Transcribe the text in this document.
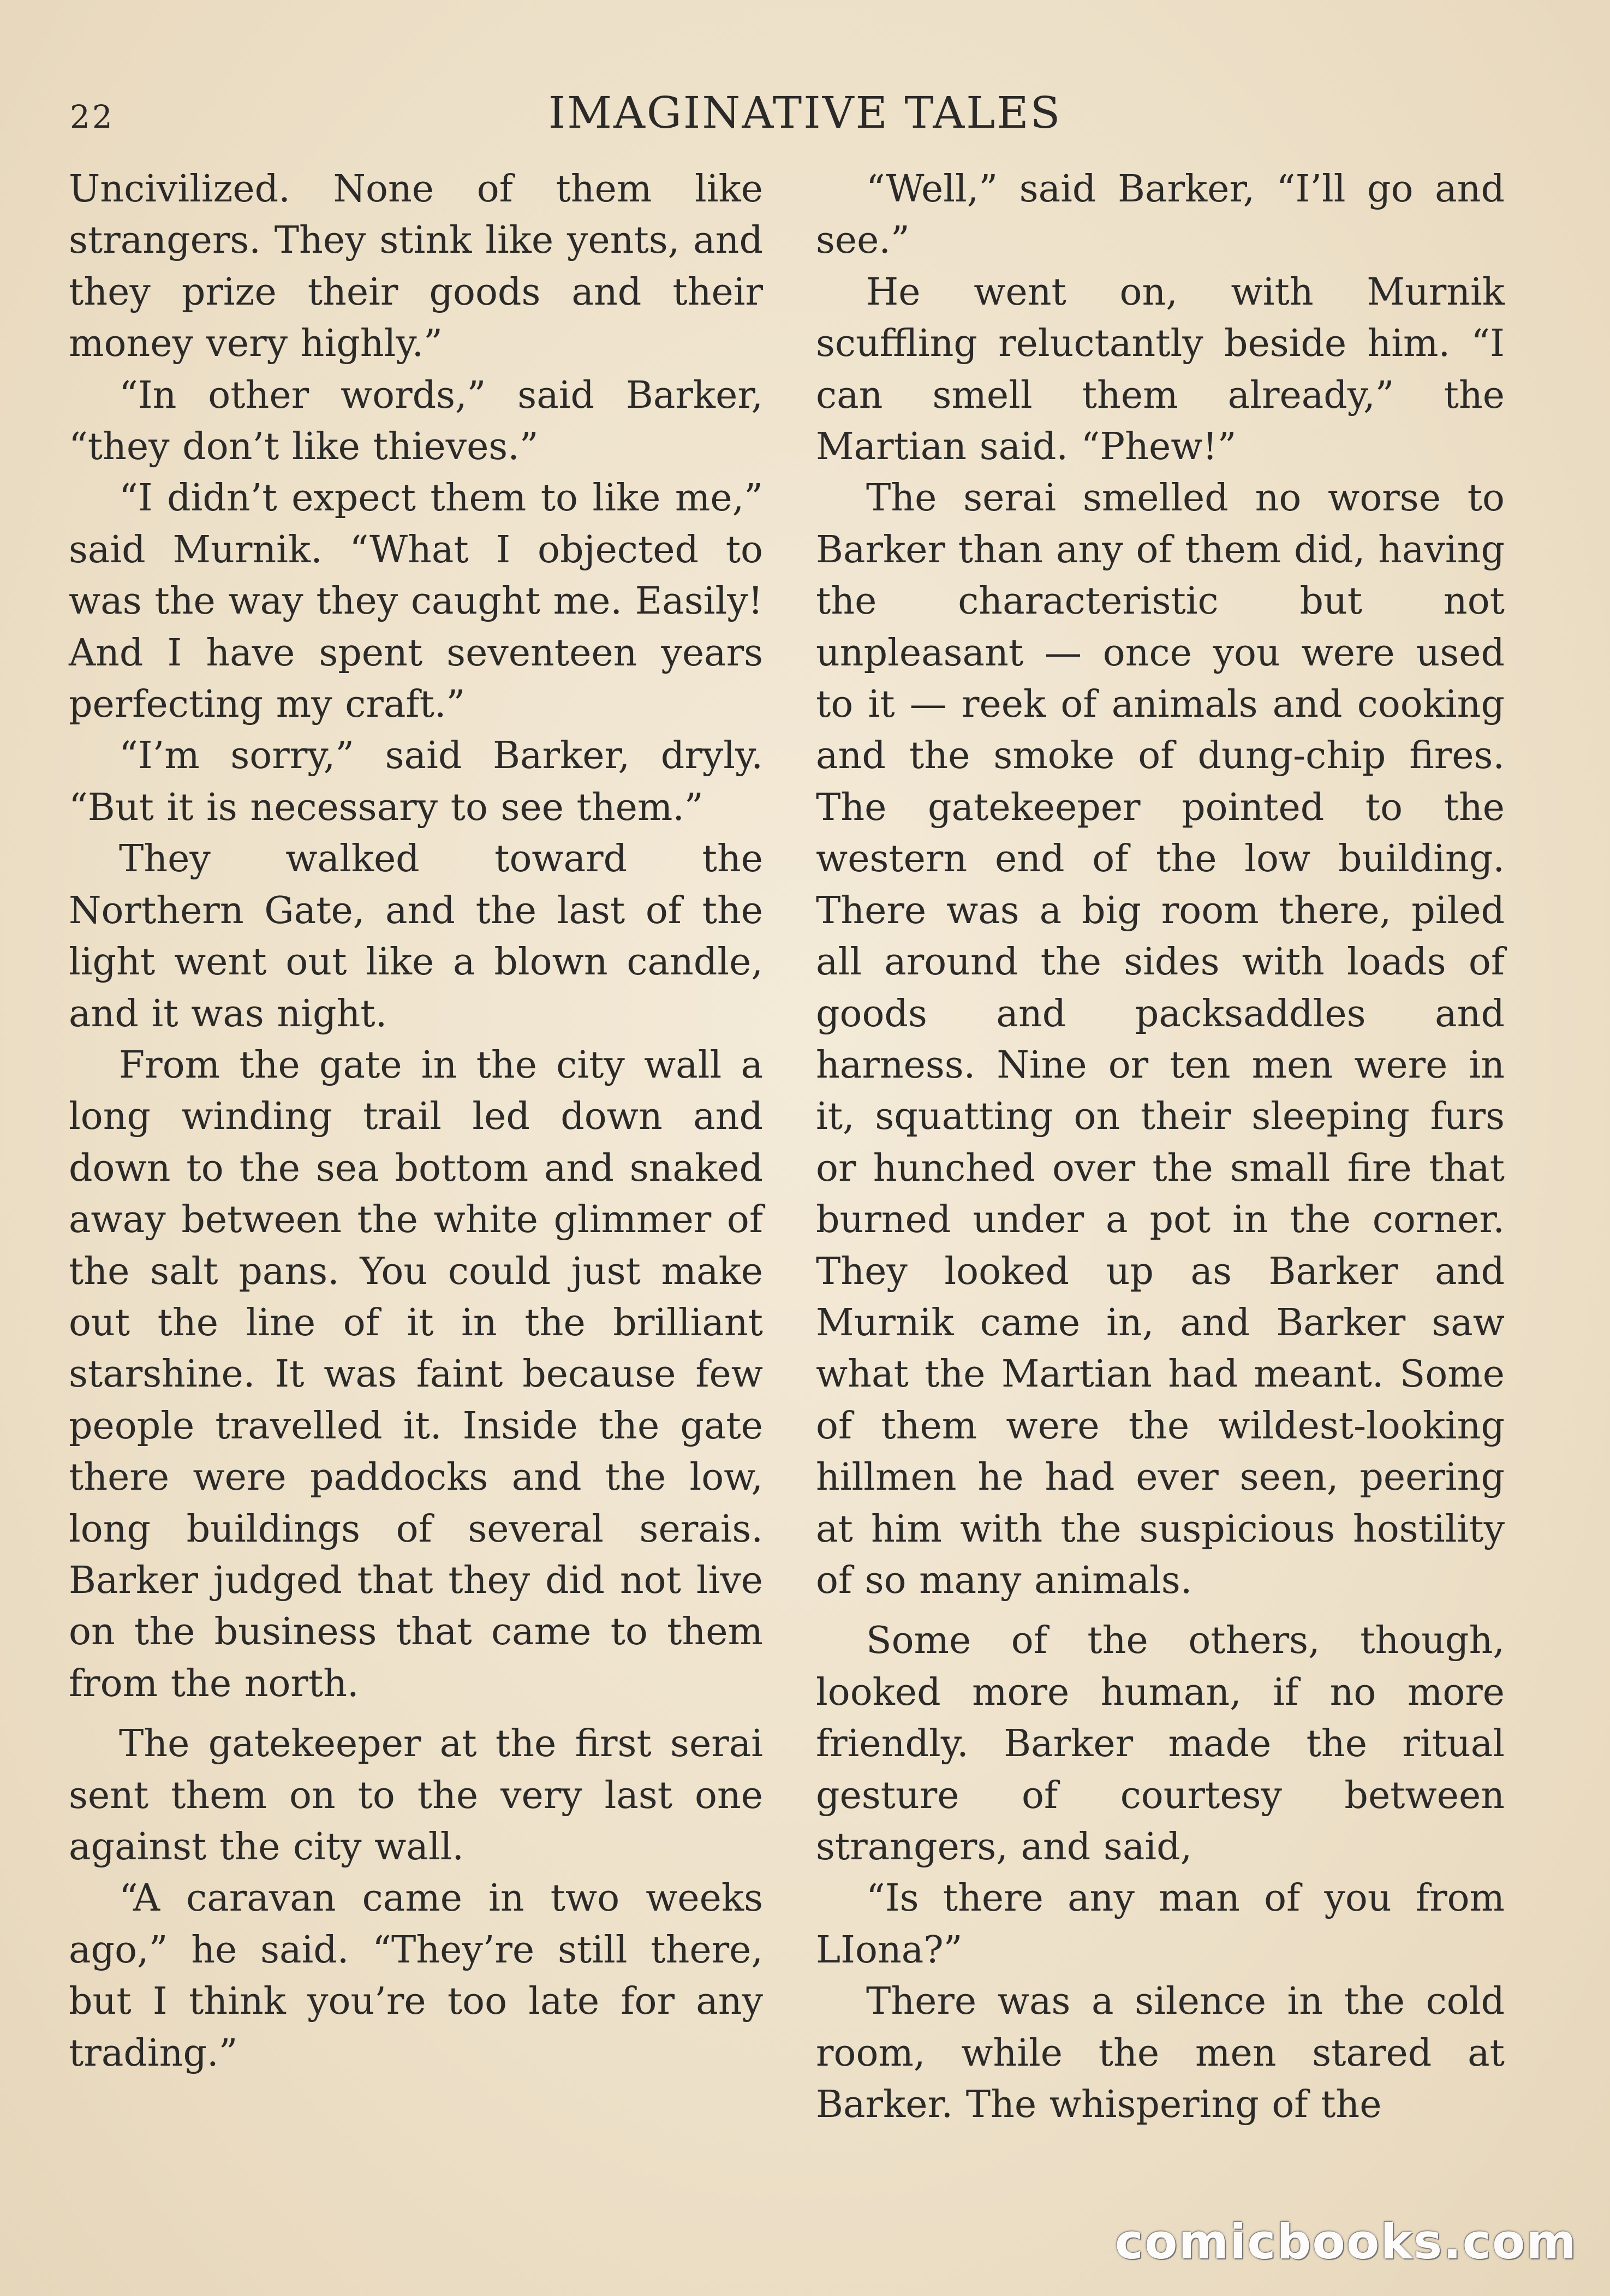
22	IMAGINATIVE TALES

Uncivilized. None of them like strangers. They stink like yents, and they prize their goods and their money very highly.”

“In other words,” said Barker, “they don’t like thieves.”

“I didn’t expect them to like me,” said Murnik. “What I objected to was the way they caught me. Easily! And I have spent seventeen years perfecting my craft.”

“I’m sorry,” said Barker, dryly. “But it is necessary to see them.”

They walked toward the Northern Gate, and the last of the light went out like a blown candle, and it was night.

From the gate in the city wall a long winding trail led down and down to the sea bottom and snaked away between the white glimmer of the salt pans. You could just make out the line of it in the brilliant starshine. It was faint because few people travelled it. Inside the gate there were paddocks and the low, long buildings of several serais. Barker judged that they did not live on the business that came to them from the north.

The gatekeeper at the first serai sent them on to the very last one against the city wall.

“A caravan came in two weeks ago,” he said. “They’re still there, but I think you’re too late for any trading.”

“Well,” said Barker, “I’ll go and see.”

He went on, with Murnik scuffling reluctantly beside him. “I can smell them already,” the Martian said. “Phew!”

The serai smelled no worse to Barker than any of them did, having the characteristic but not unpleasant — once you were used to it — reek of animals and cooking and the smoke of dung-chip fires. The gatekeeper pointed to the western end of the low building. There was a big room there, piled all around the sides with loads of goods and packsaddles and harness. Nine or ten men were in it, squatting on their sleeping furs or hunched over the small fire that burned under a pot in the corner. They looked up as Barker and Murnik came in, and Barker saw what the Martian had meant. Some of them were the wildest-looking hillmen he had ever seen, peering at him with the suspicious hostility of so many animals.

Some of the others, though, looked more human, if no more friendly. Barker made the ritual gesture of courtesy between strangers, and said,

“Is there any man of you from LIona?”

There was a silence in the cold room, while the men stared at Barker. The whispering of the

comicbooks.com
